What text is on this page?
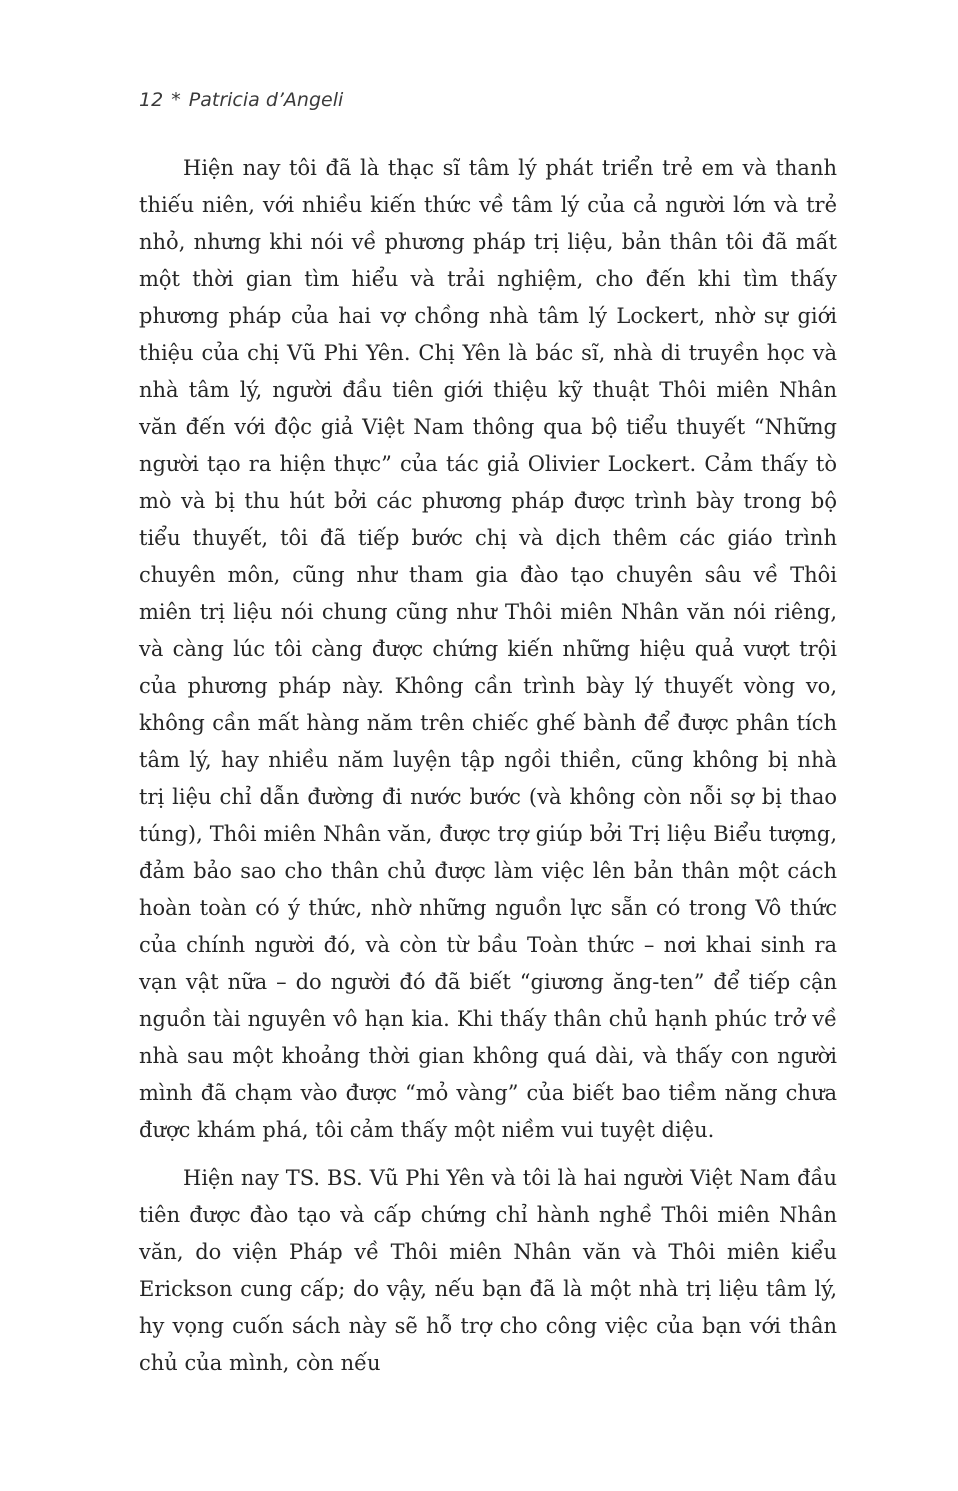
12 * Patricia d’Angeli

Hiện nay tôi đã là thạc sĩ tâm lý phát triển trẻ em và thanh thiếu niên, với nhiều kiến thức về tâm lý của cả người lớn và trẻ nhỏ, nhưng khi nói về phương pháp trị liệu, bản thân tôi đã mất một thời gian tìm hiểu và trải nghiệm, cho đến khi tìm thấy phương pháp của hai vợ chồng nhà tâm lý Lockert, nhờ sự giới thiệu của chị Vũ Phi Yên. Chị Yên là bác sĩ, nhà di truyền học và nhà tâm lý, người đầu tiên giới thiệu kỹ thuật Thôi miên Nhân văn đến với độc giả Việt Nam thông qua bộ tiểu thuyết “Những người tạo ra hiện thực” của tác giả Olivier Lockert. Cảm thấy tò mò và bị thu hút bởi các phương pháp được trình bày trong bộ tiểu thuyết, tôi đã tiếp bước chị và dịch thêm các giáo trình chuyên môn, cũng như tham gia đào tạo chuyên sâu về Thôi miên trị liệu nói chung cũng như Thôi miên Nhân văn nói riêng, và càng lúc tôi càng được chứng kiến những hiệu quả vượt trội của phương pháp này. Không cần trình bày lý thuyết vòng vo, không cần mất hàng năm trên chiếc ghế bành để được phân tích tâm lý, hay nhiều năm luyện tập ngồi thiền, cũng không bị nhà trị liệu chỉ dẫn đường đi nước bước (và không còn nỗi sợ bị thao túng), Thôi miên Nhân văn, được trợ giúp bởi Trị liệu Biểu tượng, đảm bảo sao cho thân chủ được làm việc lên bản thân một cách hoàn toàn có ý thức, nhờ những nguồn lực sẵn có trong Vô thức của chính người đó, và còn từ bầu Toàn thức – nơi khai sinh ra vạn vật nữa – do người đó đã biết “giương ăng-ten” để tiếp cận nguồn tài nguyên vô hạn kia. Khi thấy thân chủ hạnh phúc trở về nhà sau một khoảng thời gian không quá dài, và thấy con người mình đã chạm vào được “mỏ vàng” của biết bao tiềm năng chưa được khám phá, tôi cảm thấy một niềm vui tuyệt diệu.

Hiện nay TS. BS. Vũ Phi Yên và tôi là hai người Việt Nam đầu tiên được đào tạo và cấp chứng chỉ hành nghề Thôi miên Nhân văn, do viện Pháp về Thôi miên Nhân văn và Thôi miên kiểu Erickson cung cấp; do vậy, nếu bạn đã là một nhà trị liệu tâm lý, hy vọng cuốn sách này sẽ hỗ trợ cho công việc của bạn với thân chủ của mình, còn nếu
